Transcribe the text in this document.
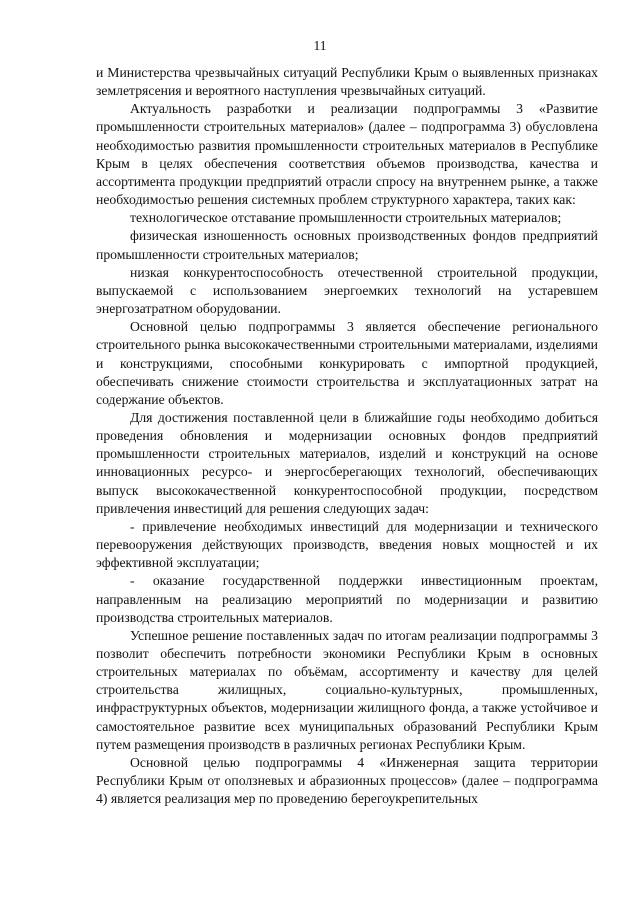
11

и Министерства чрезвычайных ситуаций Республики Крым о выявленных признаках землетрясения и вероятного наступления чрезвычайных ситуаций.

Актуальность разработки и реализации подпрограммы 3 «Развитие промышленности строительных материалов» (далее – подпрограмма 3) обусловлена необходимостью развития промышленности строительных материалов в Республике Крым в целях обеспечения соответствия объемов производства, качества и ассортимента продукции предприятий отрасли спросу на внутреннем рынке, а также необходимостью решения системных проблем структурного характера, таких как:

технологическое отставание промышленности строительных материалов;

физическая изношенность основных производственных фондов предприятий промышленности строительных материалов;

низкая конкурентоспособность отечественной строительной продукции, выпускаемой с использованием энергоемких технологий на устаревшем энергозатратном оборудовании.

Основной целью подпрограммы 3 является обеспечение регионального строительного рынка высококачественными строительными материалами, изделиями и конструкциями, способными конкурировать с импортной продукцией, обеспечивать снижение стоимости строительства и эксплуатационных затрат на содержание объектов.

Для достижения поставленной цели в ближайшие годы необходимо добиться проведения обновления и модернизации основных фондов предприятий промышленности строительных материалов, изделий и конструкций на основе инновационных ресурсо- и энергосберегающих технологий, обеспечивающих выпуск высококачественной конкурентоспособной продукции, посредством привлечения инвестиций для решения следующих задач:

- привлечение необходимых инвестиций для модернизации и технического перевооружения действующих производств, введения новых мощностей и их эффективной эксплуатации;

- оказание государственной поддержки инвестиционным проектам, направленным на реализацию мероприятий по модернизации и развитию производства строительных материалов.

Успешное решение поставленных задач по итогам реализации подпрограммы 3 позволит обеспечить потребности экономики Республики Крым в основных строительных материалах по объёмам, ассортименту и качеству для целей строительства жилищных, социально-культурных, промышленных, инфраструктурных объектов, модернизации жилищного фонда, а также устойчивое и самостоятельное развитие всех муниципальных образований Республики Крым путем размещения производств в различных регионах Республики Крым.

Основной целью подпрограммы 4 «Инженерная защита территории Республики Крым от оползневых и абразионных процессов» (далее – подпрограмма 4) является реализация мер по проведению берегоукрепительных
